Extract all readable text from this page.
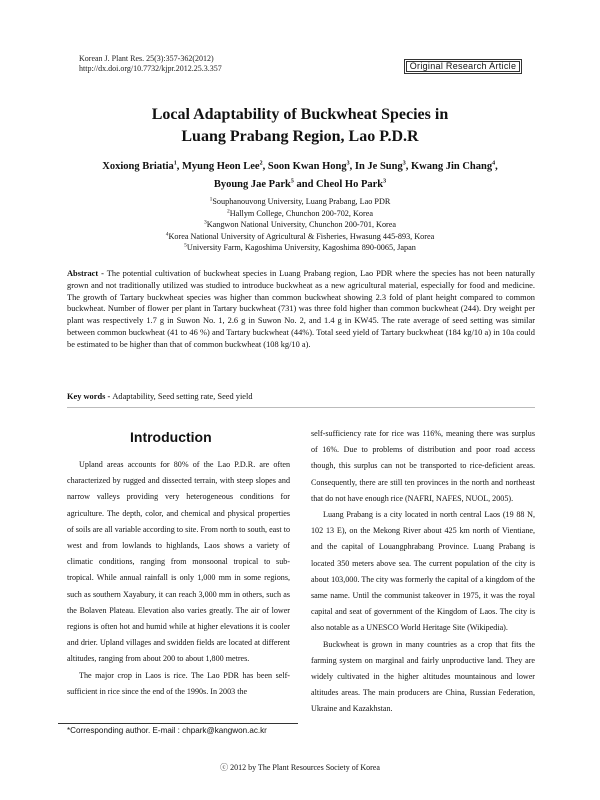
Korean J. Plant Res. 25(3):357-362(2012)
http://dx.doi.org/10.7732/kjpr.2012.25.3.357	Original Research Article
Local Adaptability of Buckwheat Species in
Luang Prabang Region, Lao P.D.R
Xoxiong Briatia$^1$, Myung Heon Lee$^2$, Soon Kwan Hong$^3$, In Je Sung$^3$, Kwang Jin Chang$^4$,
Byoung Jae Park$^5$ and Cheol Ho Park$^3$
$^1$Souphanouvong University, Luang Prabang, Lao PDR
$^2$Hallym College, Chunchon 200-702, Korea
$^3$Kangwon National University, Chunchon 200-701, Korea
$^4$Korea National University of Agricultural & Fisheries, Hwasung 445-893, Korea
$^5$University Farm, Kagoshima University, Kagoshima 890-0065, Japan
Abstract - The potential cultivation of buckwheat species in Luang Prabang region, Lao PDR where the species has not been naturally grown and not traditionally utilized was studied to introduce buckwheat as a new agricultural material, especially for food and medicine. The growth of Tartary buckwheat species was higher than common buckwheat showing 2.3 fold of plant height compared to common buckwheat. Number of flower per plant in Tartary buckwheat (731) was three fold higher than common buckwheat (244). Dry weight per plant was respectively 1.7 g in Suwon No. 1, 2.6 g in Suwon No. 2, and 1.4 g in KW45. The rate average of seed setting was similar between common buckwheat (41 to 46 %) and Tartary buckwheat (44%). Total seed yield of Tartary buckwheat (184 kg/10 a) in 10a could be estimated to be higher than that of common buckwheat (108 kg/10 a).
Key words - Adaptability, Seed setting rate, Seed yield
Introduction

Upland areas accounts for 80% of the Lao P.D.R. are often characterized by rugged and dissected terrain, with steep slopes and narrow valleys providing very heterogeneous conditions for agriculture. The depth, color, and chemical and physical properties of soils are all variable according to site. From north to south, east to west and from lowlands to highlands, Laos shows a variety of climatic conditions, ranging from monsoonal tropical to sub-tropical. While annual rainfall is only 1,000 mm in some regions, such as southern Xayabury, it can reach 3,000 mm in others, such as the Bolaven Plateau. Elevation also varies greatly. The air of lower regions is often hot and humid while at higher elevations it is cooler and drier. Upland villages and swidden fields are located at different altitudes, ranging from about 200 to about 1,800 metres.

The major crop in Laos is rice. The Lao PDR has been self-sufficient in rice since the end of the 1990s. In 2003 the

self-sufficiency rate for rice was 116%, meaning there was surplus of 16%. Due to problems of distribution and poor road access though, this surplus can not be transported to rice-deficient areas. Consequently, there are still ten provinces in the north and northeast that do not have enough rice (NAFRI, NAFES, NUOL, 2005).

Luang Prabang is a city located in north central Laos (19 88 N, 102 13 E), on the Mekong River about 425 km north of Vientiane, and the capital of Louangphrabang Province. Luang Prabang is located 350 meters above sea. The current population of the city is about 103,000. The city was formerly the capital of a kingdom of the same name. Until the communist takeover in 1975, it was the royal capital and seat of government of the Kingdom of Laos. The city is also notable as a UNESCO World Heritage Site (Wikipedia).

Buckwheat is grown in many countries as a crop that fits the farming system on marginal and fairly unproductive land. They are widely cultivated in the higher altitudes mountainous and lower altitudes areas. The main producers are China, Russian Federation, Ukraine and Kazakhstan.

*Corresponding author. E-mail : chpark@kangwon.ac.kr
ⓒ 2012 by The Plant Resources Society of Korea
